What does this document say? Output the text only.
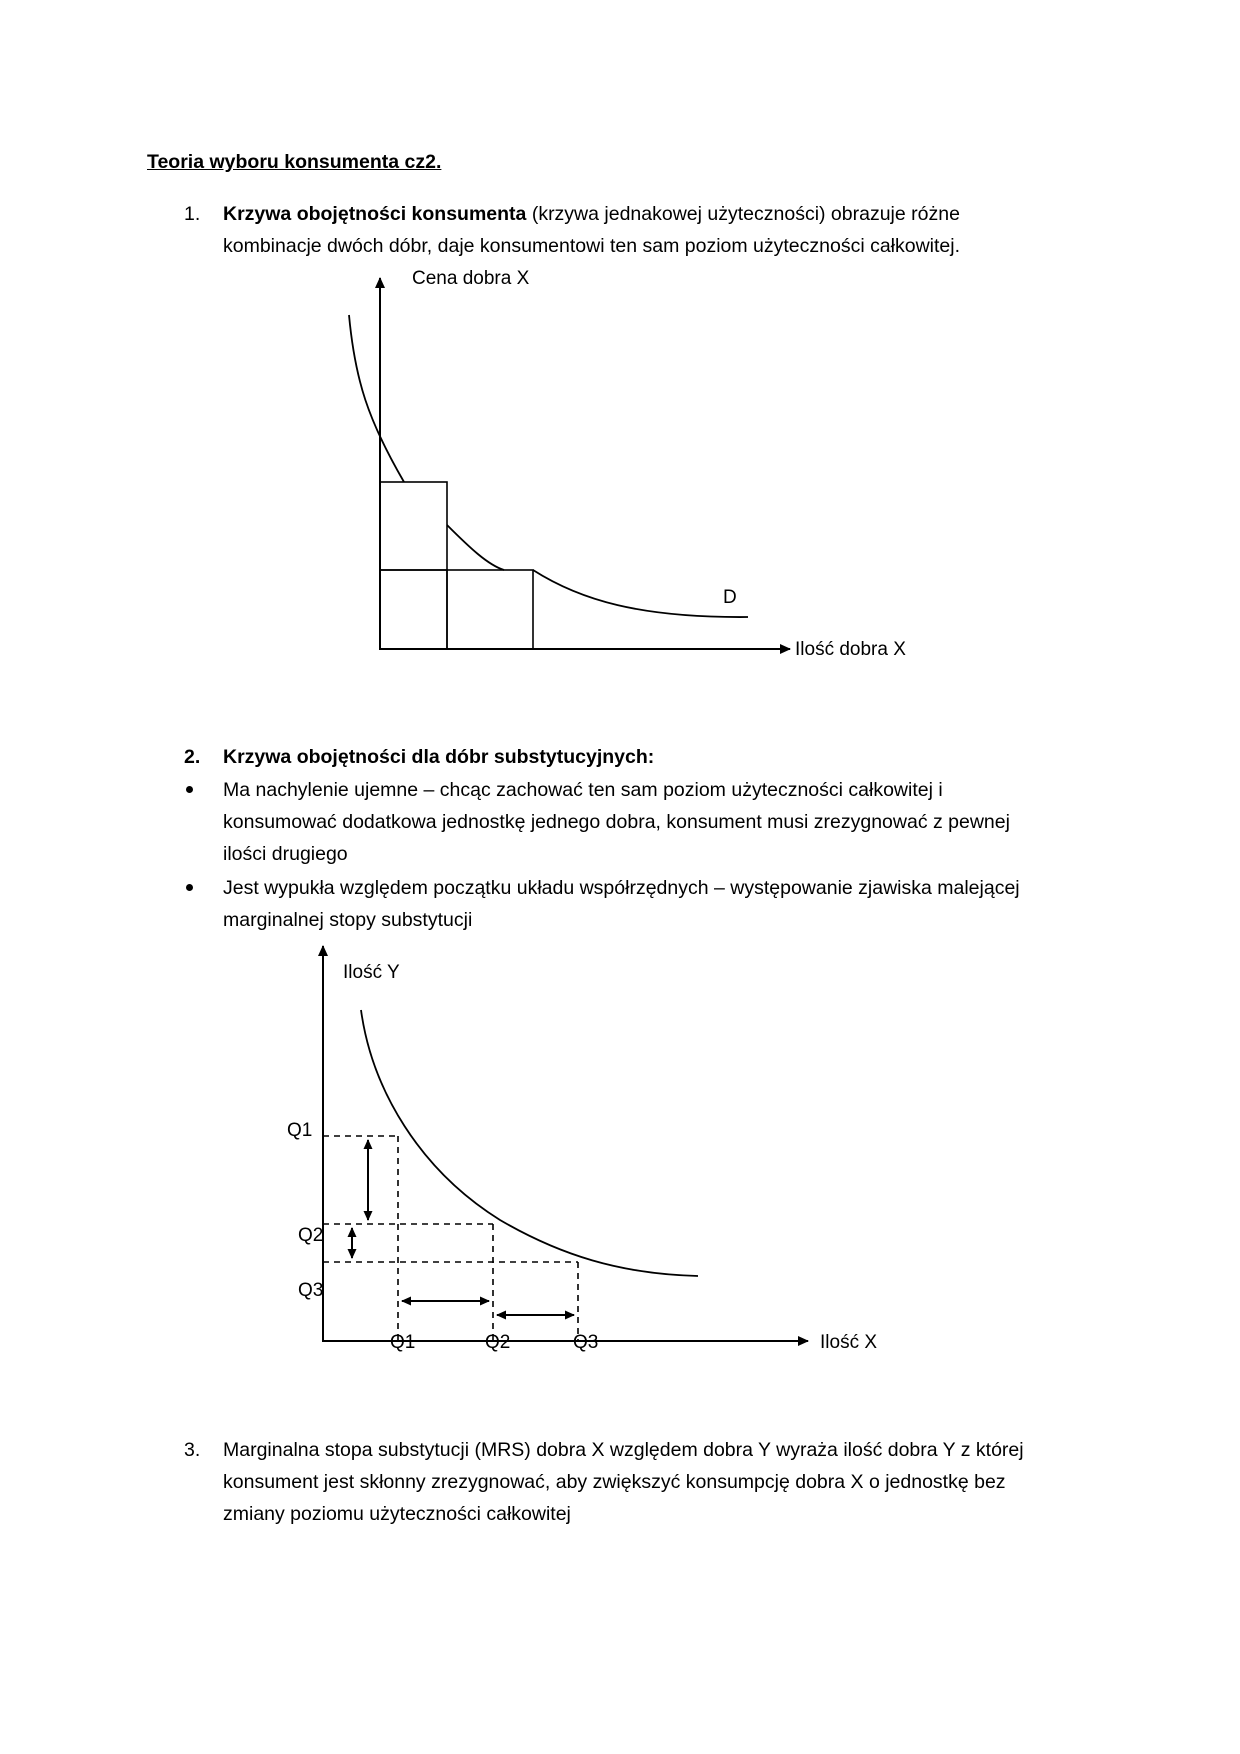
Teoria wyboru konsumenta cz2.
1. Krzywa obojętności konsumenta (krzywa jednakowej użyteczności) obrazuje różne
kombinacje dwóch dóbr, daje konsumentowi ten sam poziom użyteczności całkowitej.
Cena dobra X
Ilość dobra X
D
2. Krzywa obojętności dla dóbr substytucyjnych:
Ma nachylenie ujemne – chcąc zachować ten sam poziom użyteczności całkowitej i
konsumować dodatkowa jednostkę jednego dobra, konsument musi zrezygnować z pewnej
ilości drugiego
Jest wypukła względem początku układu współrzędnych – występowanie zjawiska malejącej
marginalnej stopy substytucji
Ilość Y
Ilość X
Q1
Q2
Q3
Q1	Q2	Q3
3. Marginalna stopa substytucji (MRS) dobra X względem dobra Y wyraża ilość dobra Y z której
konsument jest skłonny zrezygnować, aby zwiększyć konsumpcję dobra X o jednostkę bez
zmiany poziomu użyteczności całkowitej
